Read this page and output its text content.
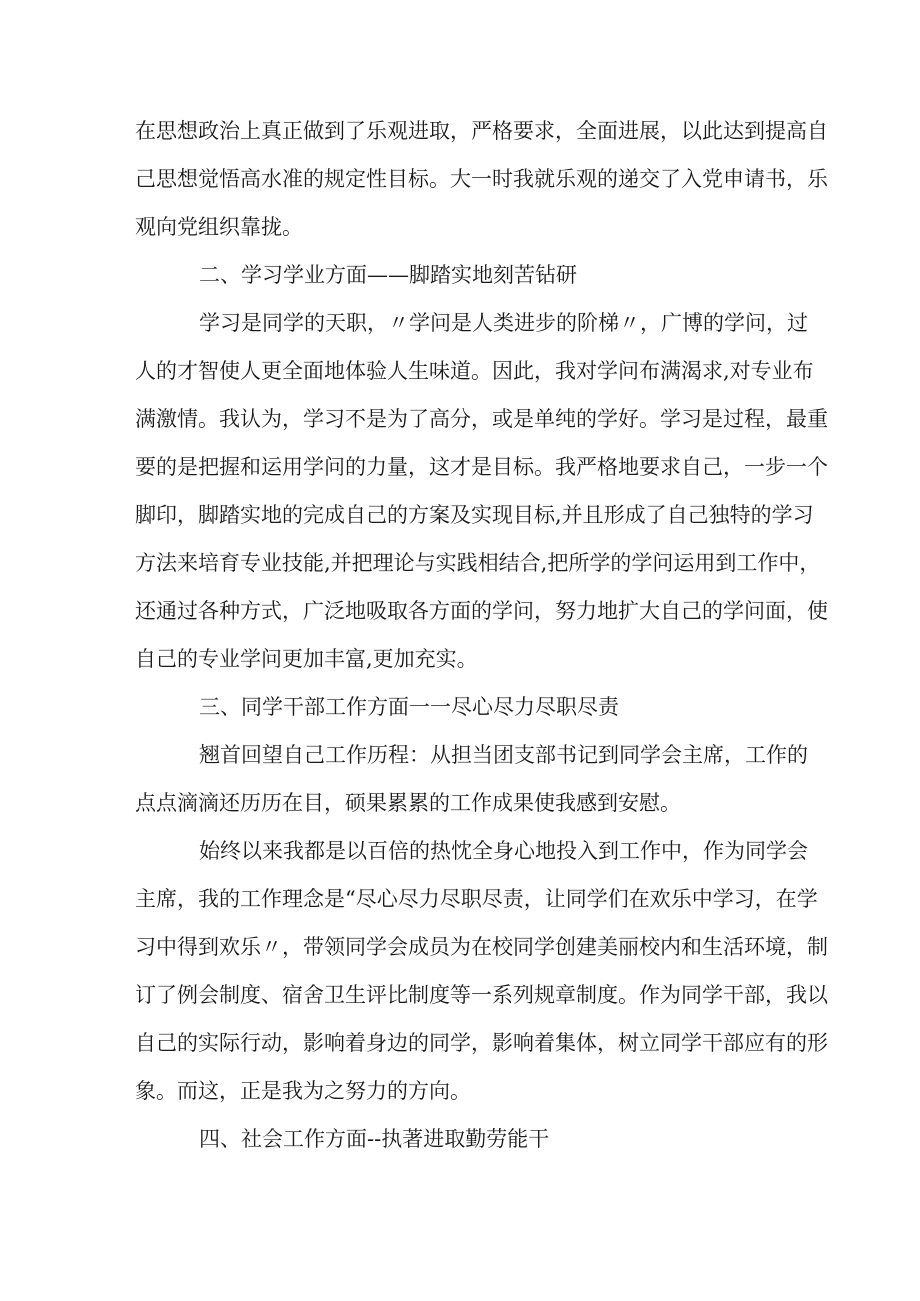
在思想政治上真正做到了乐观进取，严格要求，全面进展，以此达到提高自
己思想觉悟高水准的规定性目标。大一时我就乐观的递交了入党申请书，乐
观向党组织靠拢。
二、学习学业方面——脚踏实地刻苦钻研
学习是同学的天职，〃学问是人类进步的阶梯〃，广博的学问，过
人的才智使人更全面地体验人生味道。因此，我对学问布满渴求,对专业布
满激情。我认为，学习不是为了高分，或是单纯的学好。学习是过程，最重
要的是把握和运用学问的力量，这才是目标。我严格地要求自己，一步一个
脚印，脚踏实地的完成自己的方案及实现目标,并且形成了自己独特的学习
方法来培育专业技能,并把理论与实践相结合,把所学的学问运用到工作中，
还通过各种方式，广泛地吸取各方面的学问，努力地扩大自己的学问面，使
自己的专业学问更加丰富,更加充实。
三、同学干部工作方面一一尽心尽力尽职尽责
翘首回望自己工作历程：从担当团支部书记到同学会主席，工作的
点点滴滴还历历在目，硕果累累的工作成果使我感到安慰。
始终以来我都是以百倍的热忱全身心地投入到工作中，作为同学会
主席，我的工作理念是“尽心尽力尽职尽责，让同学们在欢乐中学习，在学
习中得到欢乐〃，带领同学会成员为在校同学创建美丽校内和生活环境，制
订了例会制度、宿舍卫生评比制度等一系列规章制度。作为同学干部，我以
自己的实际行动，影响着身边的同学，影响着集体，树立同学干部应有的形
象。而这，正是我为之努力的方向。
四、社会工作方面--执著进取勤劳能干
